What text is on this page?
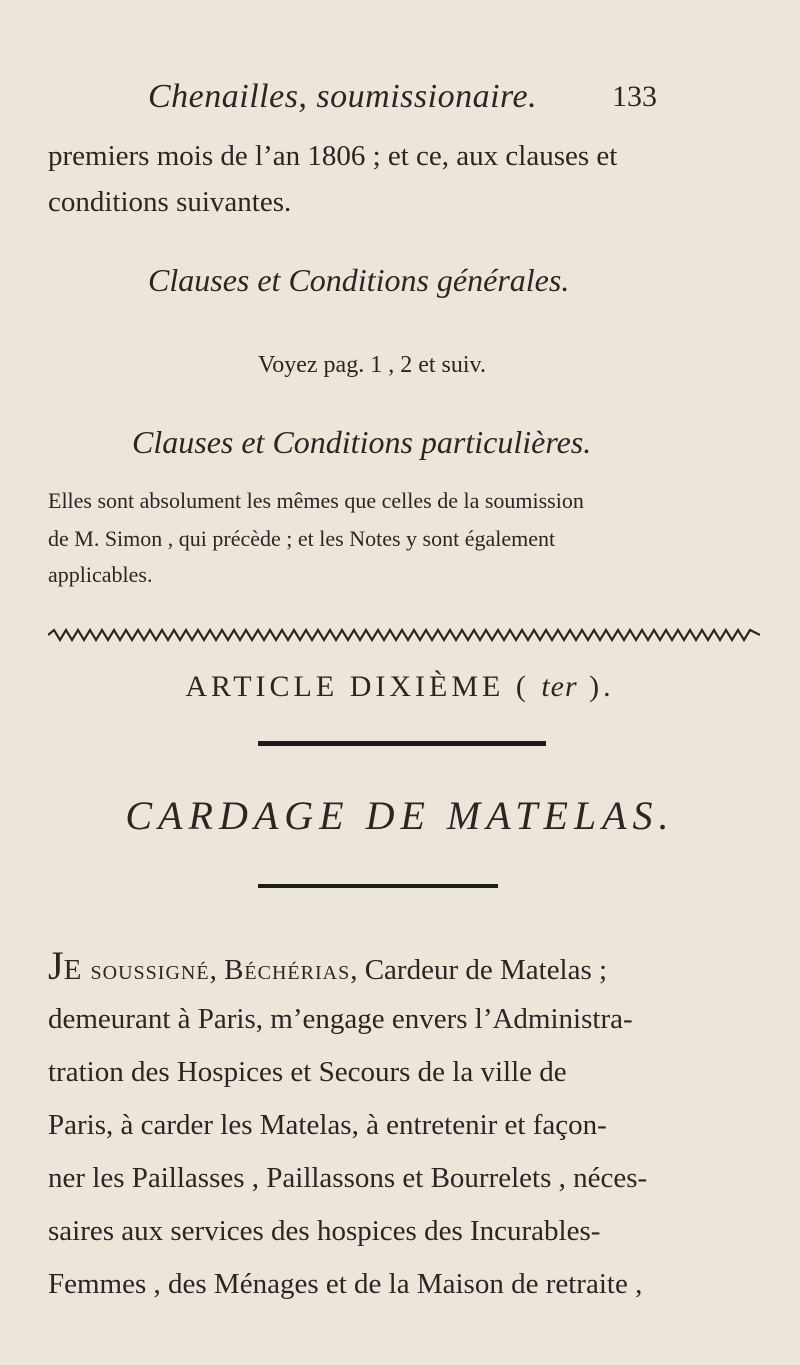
Chenailles, soumissionaire. 133
premiers mois de l’an 1806 ; et ce, aux clauses et
conditions suivantes.
Clauses et Conditions générales.
Voyez pag. 1 , 2 et suiv.
Clauses et Conditions particulières.
Elles sont absolument les mêmes que celles de la soumission
de M. Simon , qui précède ; et les Notes y sont également
applicables.
ARTICLE DIXIÈME ( ter ).
CARDAGE DE MATELAS.
JE soussigné, Béchérias, Cardeur de Matelas ;
demeurant à Paris, m’engage envers l’Administra-
tration des Hospices et Secours de la ville de
Paris, à carder les Matelas, à entretenir et façon-
ner les Paillasses , Paillassons et Bourrelets , néces-
saires aux services des hospices des Incurables-
Femmes , des Ménages et de la Maison de retraite ,
